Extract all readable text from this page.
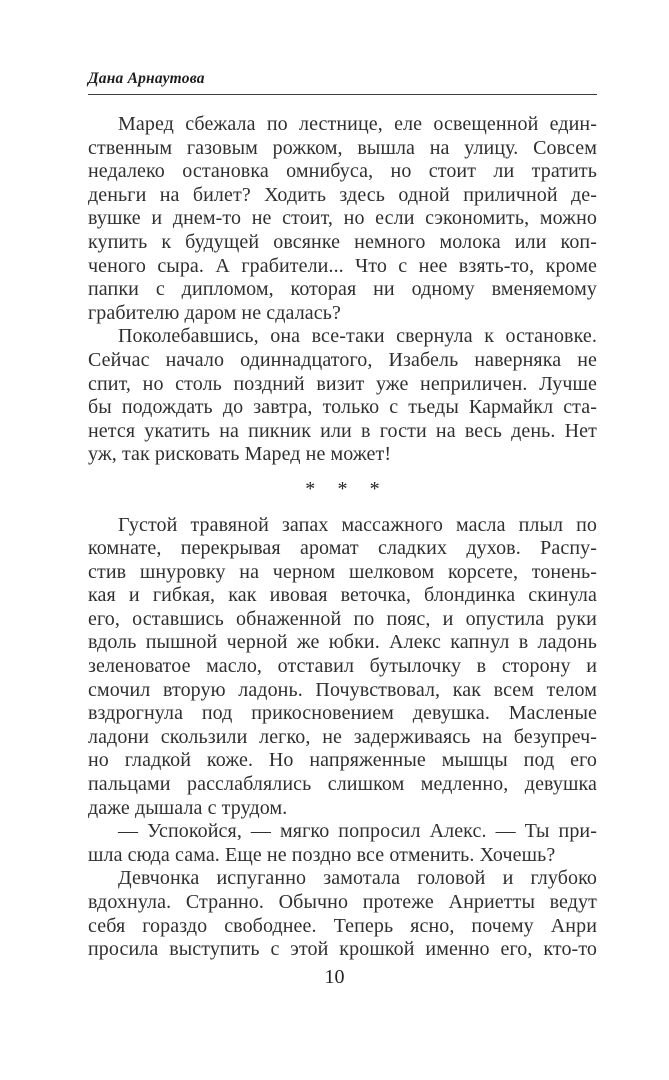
Дана Арнаутова
Маред сбежала по лестнице, еле освещенной един-
ственным газовым рожком, вышла на улицу. Совсем
недалеко остановка омнибуса, но стоит ли тратить
деньги на билет? Ходить здесь одной приличной де-
вушке и днем-то не стоит, но если сэкономить, можно
купить к будущей овсянке немного молока или коп-
ченого сыра. А грабители... Что с нее взять-то, кроме
папки с дипломом, которая ни одному вменяемому
грабителю даром не сдалась?
Поколебавшись, она все-таки свернула к остановке.
Сейчас начало одиннадцатого, Изабель наверняка не
спит, но столь поздний визит уже неприличен. Лучше
бы подождать до завтра, только с тьеды Кармайкл ста-
нется укатить на пикник или в гости на весь день. Нет
уж, так рисковать Маред не может!
* * *
Густой травяной запах массажного масла плыл по
комнате, перекрывая аромат сладких духов. Распу-
стив шнуровку на черном шелковом корсете, тонень-
кая и гибкая, как ивовая веточка, блондинка скинула
его, оставшись обнаженной по пояс, и опустила руки
вдоль пышной черной же юбки. Алекс капнул в ладонь
зеленоватое масло, отставил бутылочку в сторону и
смочил вторую ладонь. Почувствовал, как всем телом
вздрогнула под прикосновением девушка. Масленые
ладони скользили легко, не задерживаясь на безупреч-
но гладкой коже. Но напряженные мышцы под его
пальцами расслаблялись слишком медленно, девушка
даже дышала с трудом.
— Успокойся, — мягко попросил Алекс. — Ты при-
шла сюда сама. Еще не поздно все отменить. Хочешь?
Девчонка испуганно замотала головой и глубоко
вдохнула. Странно. Обычно протеже Анриетты ведут
себя гораздо свободнее. Теперь ясно, почему Анри
просила выступить с этой крошкой именно его, кто-то
10
